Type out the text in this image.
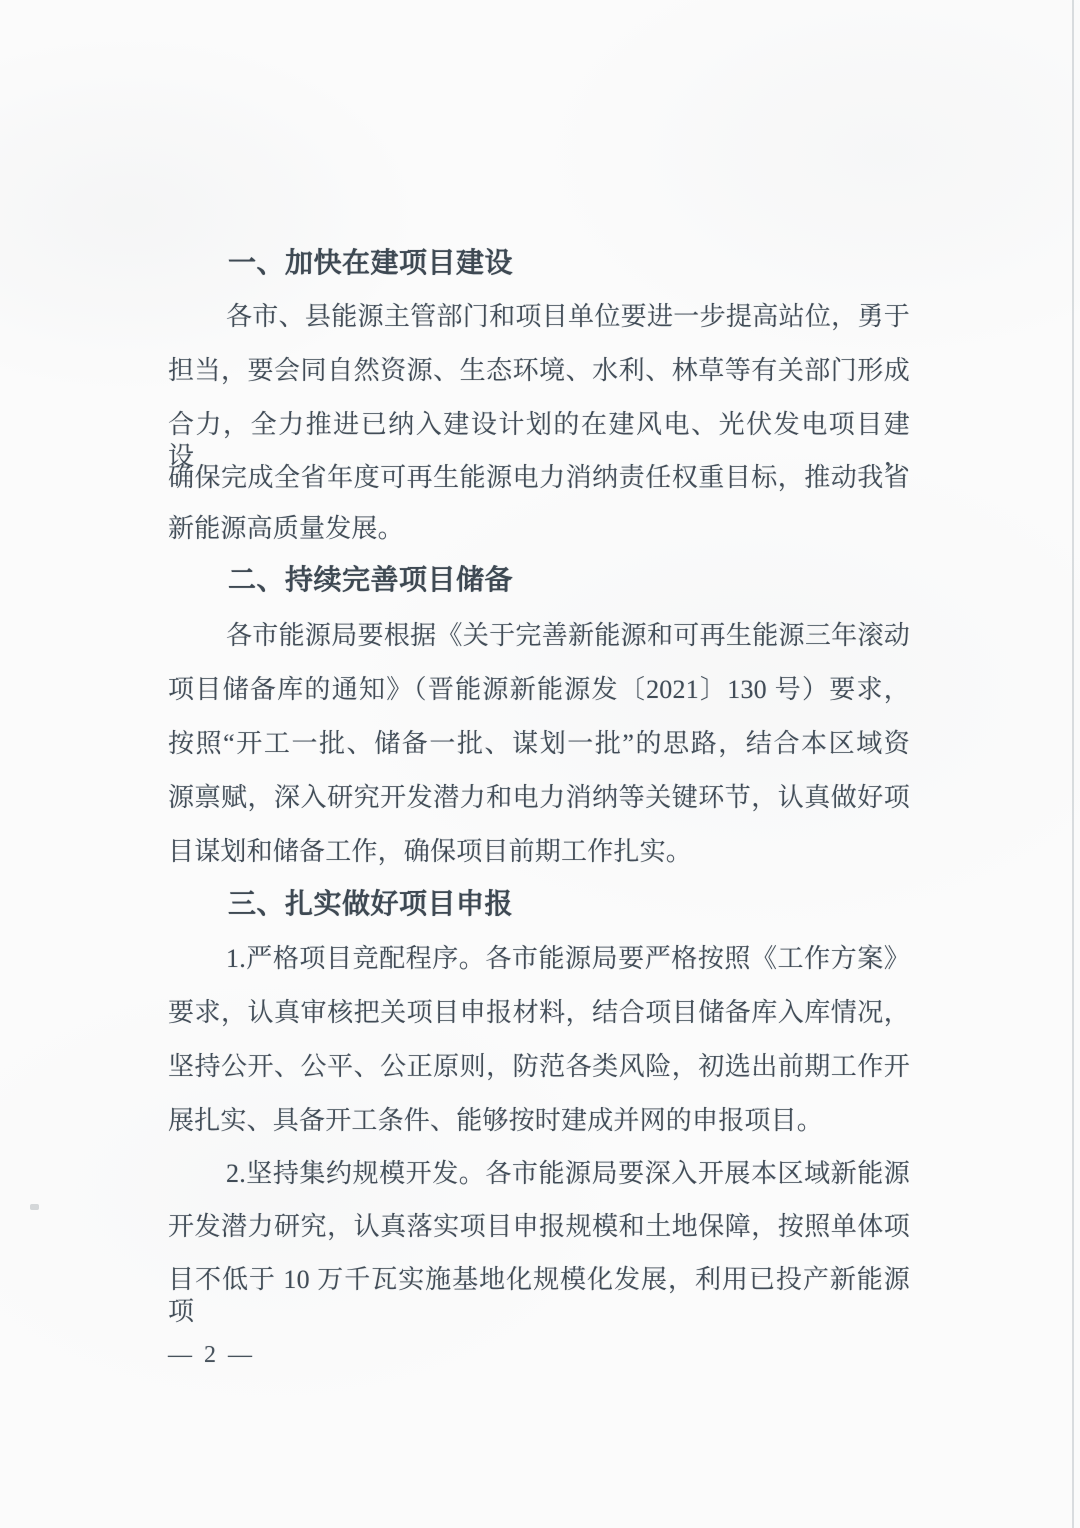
一、加快在建项目建设
各市、县能源主管部门和项目单位要进一步提高站位，勇于
担当，要会同自然资源、生态环境、水利、林草等有关部门形成
合力，全力推进已纳入建设计划的在建风电、光伏发电项目建设，
确保完成全省年度可再生能源电力消纳责任权重目标，推动我省
新能源高质量发展。
二、持续完善项目储备
各市能源局要根据《关于完善新能源和可再生能源三年滚动
项目储备库的通知》（晋能源新能源发〔2021〕130 号）要求，
按照“开工一批、储备一批、谋划一批”的思路，结合本区域资
源禀赋，深入研究开发潜力和电力消纳等关键环节，认真做好项
目谋划和储备工作，确保项目前期工作扎实。
三、扎实做好项目申报
1.严格项目竞配程序。各市能源局要严格按照《工作方案》
要求，认真审核把关项目申报材料，结合项目储备库入库情况，
坚持公开、公平、公正原则，防范各类风险，初选出前期工作开
展扎实、具备开工条件、能够按时建成并网的申报项目。
2.坚持集约规模开发。各市能源局要深入开展本区域新能源
开发潜力研究，认真落实项目申报规模和土地保障，按照单体项
目不低于 10 万千瓦实施基地化规模化发展，利用已投产新能源项
— 2 —
